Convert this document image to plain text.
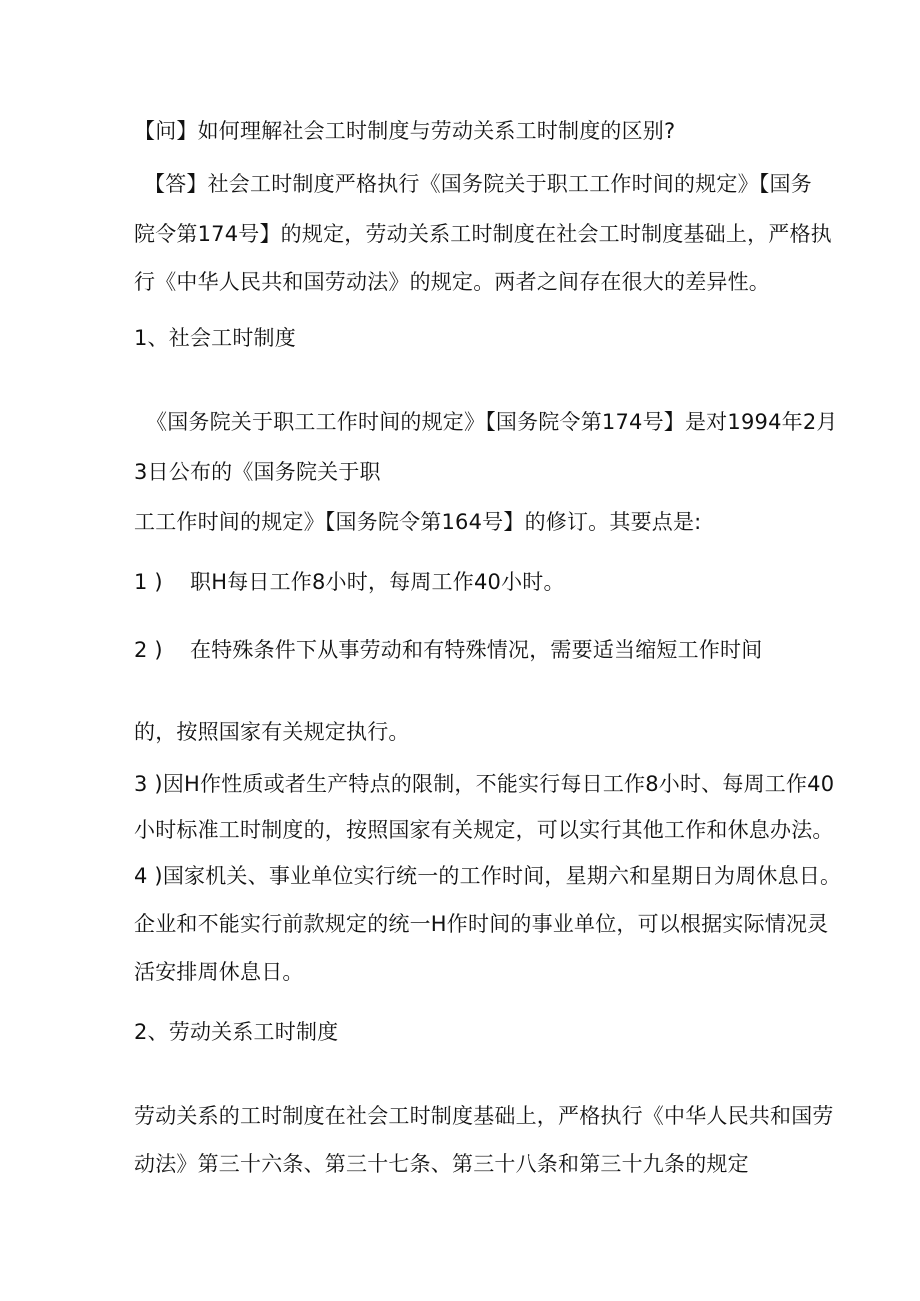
【问】如何理解社会工时制度与劳动关系工时制度的区别?
【答】社会工时制度严格执行《国务院关于职工工作时间的规定》【国务
院令第174号】的规定，劳动关系工时制度在社会工时制度基础上，严格执
行《中华人民共和国劳动法》的规定。两者之间存在很大的差异性。
1、社会工时制度
《国务院关于职工工作时间的规定》【国务院令第174号】是对1994年2月
3日公布的《国务院关于职
工工作时间的规定》【国务院令第164号】的修订。其要点是:
1 ) 职H每日工作8小时，每周工作40小时。
2 ) 在特殊条件下从事劳动和有特殊情况，需要适当缩短工作时间
的，按照国家有关规定执行。
3 )因H作性质或者生产特点的限制，不能实行每日工作8小时、每周工作40
小时标准工时制度的，按照国家有关规定，可以实行其他工作和休息办法。
4 )国家机关、事业单位实行统一的工作时间，星期六和星期日为周休息日。
企业和不能实行前款规定的统一H作时间的事业单位，可以根据实际情况灵
活安排周休息日。
2、劳动关系工时制度
劳动关系的工时制度在社会工时制度基础上，严格执行《中华人民共和国劳
动法》第三十六条、第三十七条、第三十八条和第三十九条的规定
